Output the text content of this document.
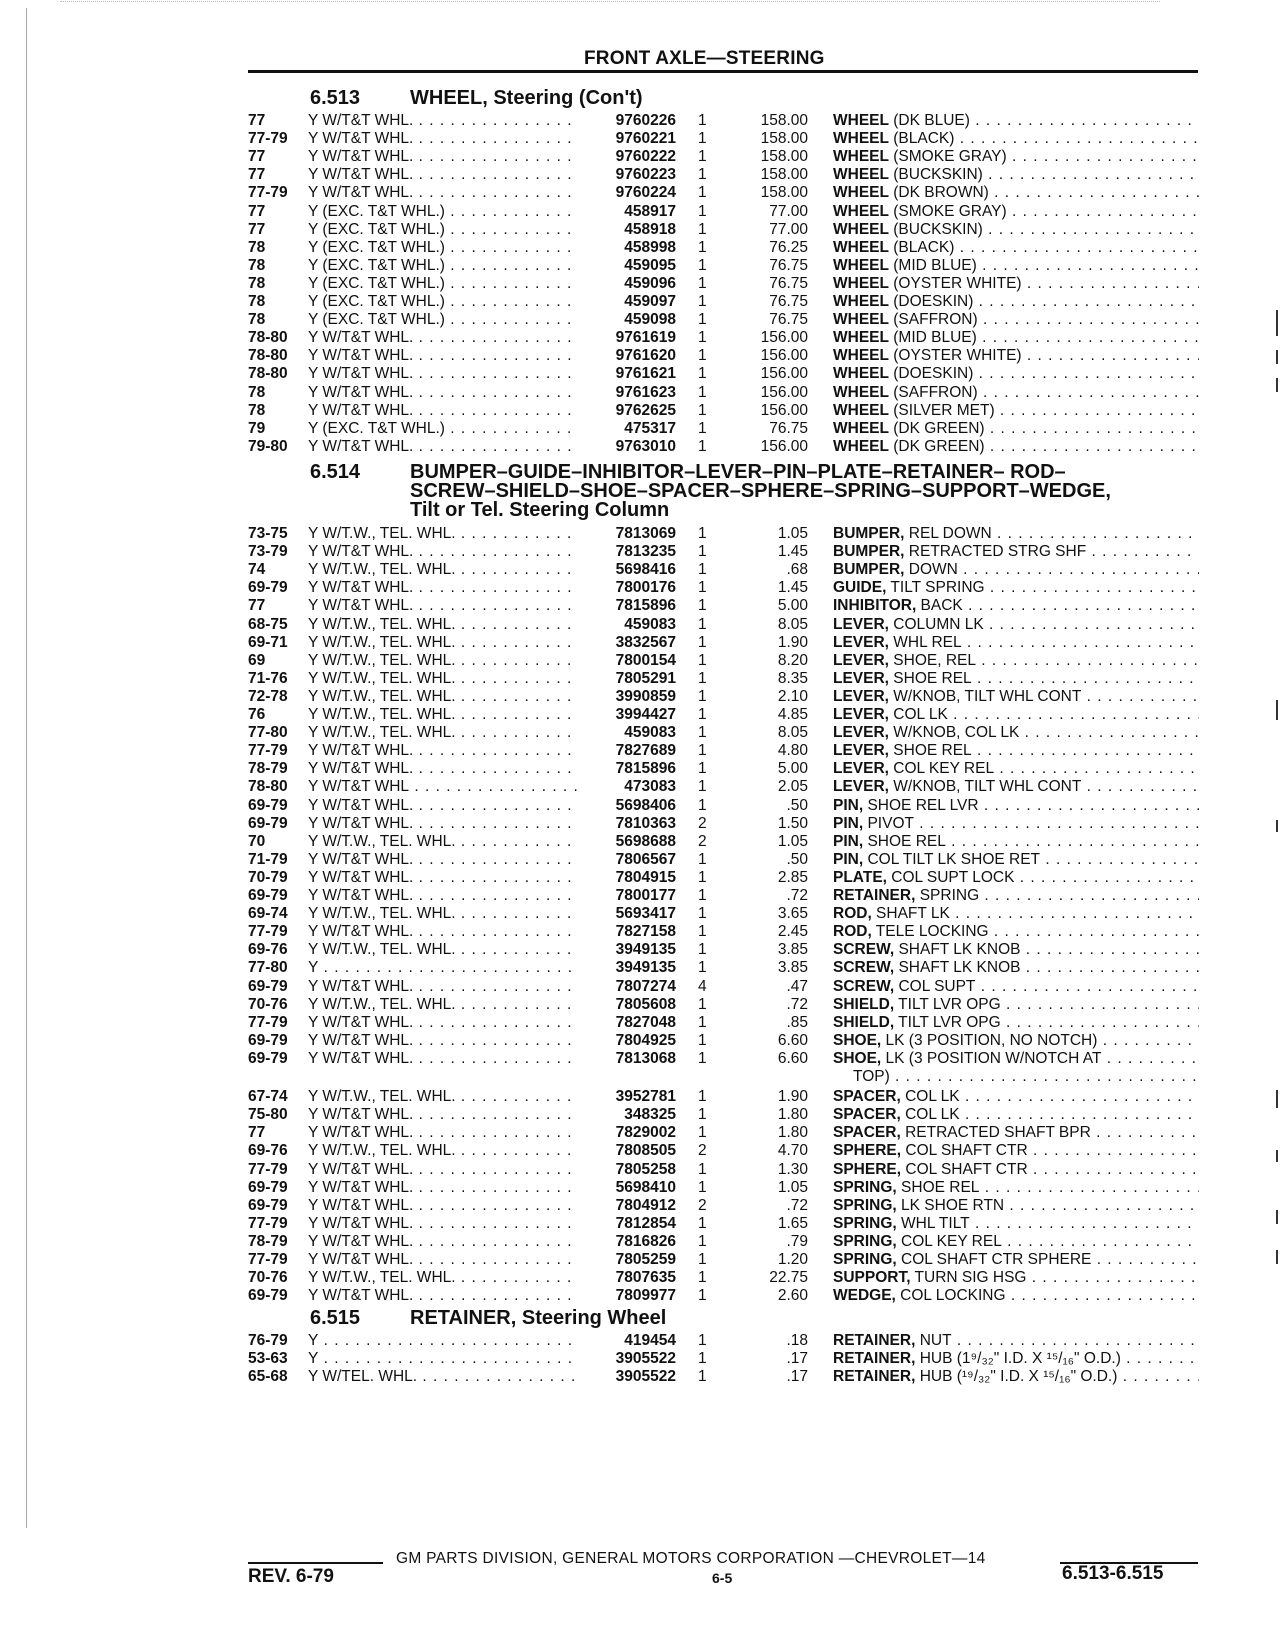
FRONT AXLE—STEERING
6.513 WHEEL, Steering (Con't)
77	Y W/T&T WHL. . . .	9760226 1	158.00 WHEEL (DK BLUE) . . .
77-79 Y W/T&T WHL. . . .	9760221 1	158.00 WHEEL (BLACK) . . .
77	Y W/T&T WHL. . . .	9760222 1	158.00 WHEEL (SMOKE GRAY) . . .
77	Y W/T&T WHL. . . .	9760223 1	158.00 WHEEL (BUCKSKIN) . . .
77-79 Y W/T&T WHL. . . .	9760224 1	158.00 WHEEL (DK BROWN) . . .
77	Y (EXC. T&T WHL.) . . .	458917 1	77.00 WHEEL (SMOKE GRAY) . . .
77	Y (EXC. T&T WHL.) . . .	458918 1	77.00 WHEEL (BUCKSKIN) . . .
78	Y (EXC. T&T WHL.) . . .	458998 1	76.25 WHEEL (BLACK) . . .
78	Y (EXC. T&T WHL.) . . .	459095 1	76.75 WHEEL (MID BLUE) . . .
78	Y (EXC. T&T WHL.) . . .	459096 1	76.75 WHEEL (OYSTER WHITE) . . .
78	Y (EXC. T&T WHL.) . . .	459097 1	76.75 WHEEL (DOESKIN) . . .
78	Y (EXC. T&T WHL.) . . .	459098 1	76.75 WHEEL (SAFFRON) . . .
78-80 Y W/T&T WHL. . . .	9761619 1	156.00 WHEEL (MID BLUE) . . .
78-80 Y W/T&T WHL. . . .	9761620 1	156.00 WHEEL (OYSTER WHITE) . . .
78-80 Y W/T&T WHL. . . .	9761621 1	156.00 WHEEL (DOESKIN) . . .
78	Y W/T&T WHL. . . .	9761623 1	156.00 WHEEL (SAFFRON) . . .
78	Y W/T&T WHL. . . .	9762625 1	156.00 WHEEL (SILVER MET) . . .
79	Y (EXC. T&T WHL.) . . .	475317 1	76.75 WHEEL (DK GREEN) . . .
79-80 Y W/T&T WHL. . . .	9763010 1	156.00 WHEEL (DK GREEN) . . .
6.514 BUMPER–GUIDE–INHIBITOR–LEVER–PIN–PLATE–RETAINER– ROD–
SCREW–SHIELD–SHOE–SPACER–SPHERE–SPRING–SUPPORT–WEDGE,
Tilt or Tel. Steering Column
73-75 Y W/T.W., TEL. WHL. . . .	7813069 1	1.05 BUMPER, REL DOWN . . .
73-79 Y W/T&T WHL. . . .	7813235 1	1.45 BUMPER, RETRACTED STRG SHF . . .
74	Y W/T.W., TEL. WHL. . . .	5698416 1	.68 BUMPER, DOWN . . .
69-79 Y W/T&T WHL. . . .	7800176 1	1.45 GUIDE, TILT SPRING . . .
77	Y W/T&T WHL. . . .	7815896 1	5.00 INHIBITOR, BACK . . .
68-75 Y W/T.W., TEL. WHL. . . .	459083 1	8.05 LEVER, COLUMN LK . . .
69-71 Y W/T.W., TEL. WHL. . . .	3832567 1	1.90 LEVER, WHL REL . . .
69	Y W/T.W., TEL. WHL. . . .	7800154 1	8.20 LEVER, SHOE, REL . . .
71-76 Y W/T.W., TEL. WHL. . . .	7805291 1	8.35 LEVER, SHOE REL . . .
72-78 Y W/T.W., TEL. WHL. . . .	3990859 1	2.10 LEVER, W/KNOB, TILT WHL CONT . . .
76	Y W/T.W., TEL. WHL. . . .	3994427 1	4.85 LEVER, COL LK . . .
77-80 Y W/T.W., TEL. WHL. . . .	459083 1	8.05 LEVER, W/KNOB, COL LK . . .
77-79 Y W/T&T WHL. . . .	7827689 1	4.80 LEVER, SHOE REL . . .
78-79 Y W/T&T WHL. . . .	7815896 1	5.00 LEVER, COL KEY REL . . .
78-80 Y W/T&T WHL . . .	473083 1	2.05 LEVER, W/KNOB, TILT WHL CONT . . .
69-79 Y W/T&T WHL. . . .	5698406 1	.50 PIN, SHOE REL LVR . . .
69-79 Y W/T&T WHL. . . .	7810363 2	1.50 PIN, PIVOT . . .
70	Y W/T.W., TEL. WHL. . . .	5698688 2	1.05 PIN, SHOE REL . . .
71-79 Y W/T&T WHL. . . .	7806567 1	.50 PIN, COL TILT LK SHOE RET . . .
70-79 Y W/T&T WHL. . . .	7804915 1	2.85 PLATE, COL SUPT LOCK . . .
69-79 Y W/T&T WHL. . . .	7800177 1	.72 RETAINER, SPRING . . .
69-74 Y W/T.W., TEL. WHL. . . .	5693417 1	3.65 ROD, SHAFT LK . . .
77-79 Y W/T&T WHL. . . .	7827158 1	2.45 ROD, TELE LOCKING . . .
69-76 Y W/T.W., TEL. WHL. . . .	3949135 1	3.85 SCREW, SHAFT LK KNOB . . .
77-80 Y . . .	3949135 1	3.85 SCREW, SHAFT LK KNOB . . .
69-79 Y W/T&T WHL. . . .	7807274 4	.47 SCREW, COL SUPT . . .
70-76 Y W/T.W., TEL. WHL. . . .	7805608 1	.72 SHIELD, TILT LVR OPG . . .
77-79 Y W/T&T WHL. . . .	7827048 1	.85 SHIELD, TILT LVR OPG . . .
69-79 Y W/T&T WHL. . . .	7804925 1	6.60 SHOE, LK (3 POSITION, NO NOTCH) . . .
69-79 Y W/T&T WHL. . . .	7813068 1	6.60 SHOE, LK (3 POSITION W/NOTCH AT . . .
TOP) . . .
67-74 Y W/T.W., TEL. WHL. . . .	3952781 1	1.90 SPACER, COL LK . . .
75-80 Y W/T&T WHL. . . .	348325 1	1.80 SPACER, COL LK . . .
77	Y W/T&T WHL. . . .	7829002 1	1.80 SPACER, RETRACTED SHAFT BPR . . .
69-76 Y W/T.W., TEL. WHL. . . .	7808505 2	4.70 SPHERE, COL SHAFT CTR . . .
77-79 Y W/T&T WHL. . . .	7805258 1	1.30 SPHERE, COL SHAFT CTR . . .
69-79 Y W/T&T WHL. . . .	5698410 1	1.05 SPRING, SHOE REL . . .
69-79 Y W/T&T WHL. . . .	7804912 2	.72 SPRING, LK SHOE RTN . . .
77-79 Y W/T&T WHL. . . .	7812854 1	1.65 SPRING, WHL TILT . . .
78-79 Y W/T&T WHL. . . .	7816826 1	.79 SPRING, COL KEY REL . . .
77-79 Y W/T&T WHL. . . .	7805259 1	1.20 SPRING, COL SHAFT CTR SPHERE . . .
70-76 Y W/T.W., TEL. WHL. . . .	7807635 1	22.75 SUPPORT, TURN SIG HSG . . .
69-79 Y W/T&T WHL. . . .	7809977 1	2.60 WEDGE, COL LOCKING . . .
6.515 RETAINER, Steering Wheel
76-79 Y . . .	419454 1	.18 RETAINER, NUT . . .
53-63 Y . . .	3905522 1	.17 RETAINER, HUB (1⁹/₃₂" I.D. X ¹⁵/₁₆" O.D.) . . .
65-68 Y W/TEL. WHL. . . .	3905522 1	.17 RETAINER, HUB (¹⁹/₃₂" I.D. X ¹⁵/₁₆" O.D.) . . .
GM PARTS DIVISION, GENERAL MOTORS CORPORATION —CHEVROLET—14
REV. 6-79	6-5	6.513-6.515
